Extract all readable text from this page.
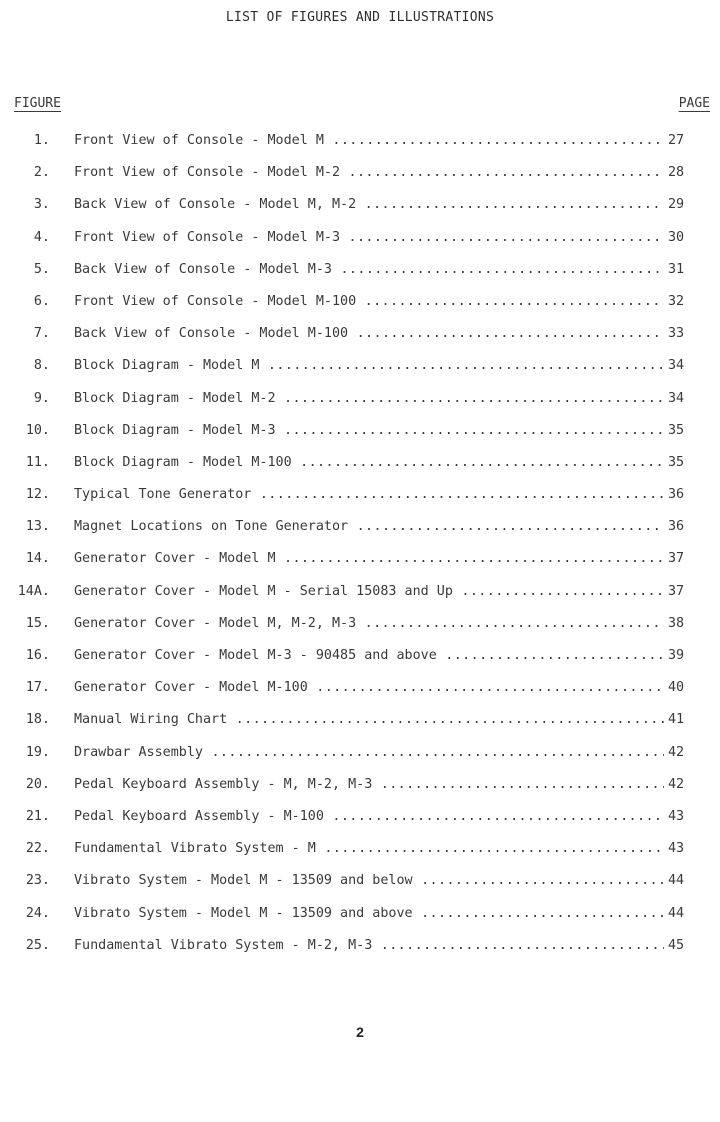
LIST OF FIGURES AND ILLUSTRATIONS
FIGURE	PAGE
1. Front View of Console - Model M .....	27
2. Front View of Console - Model M-2 .....	28
3. Back View of Console - Model M, M-2 .....	29
4. Front View of Console - Model M-3 .....	30
5. Back View of Console - Model M-3 .....	31
6. Front View of Console - Model M-100 .....	32
7. Back View of Console - Model M-100 .....	33
8. Block Diagram - Model M .....	34
9. Block Diagram - Model M-2 .....	34
10. Block Diagram - Model M-3 .....	35
11. Block Diagram - Model M-100 .....	35
12. Typical Tone Generator .....	36
13. Magnet Locations on Tone Generator .....	36
14. Generator Cover - Model M .....	37
14A. Generator Cover - Model M - Serial 15083 and Up .....	37
15. Generator Cover - Model M, M-2, M-3 .....	38
16. Generator Cover - Model M-3 - 90485 and above .....	39
17. Generator Cover - Model M-100 .....	40
18. Manual Wiring Chart .....	41
19. Drawbar Assembly .....	42
20. Pedal Keyboard Assembly - M, M-2, M-3 .....	42
21. Pedal Keyboard Assembly - M-100 .....	43
22. Fundamental Vibrato System - M .....	43
23. Vibrato System - Model M - 13509 and below .....	44
24. Vibrato System - Model M - 13509 and above .....	44
25. Fundamental Vibrato System - M-2, M-3 .....	45
2
